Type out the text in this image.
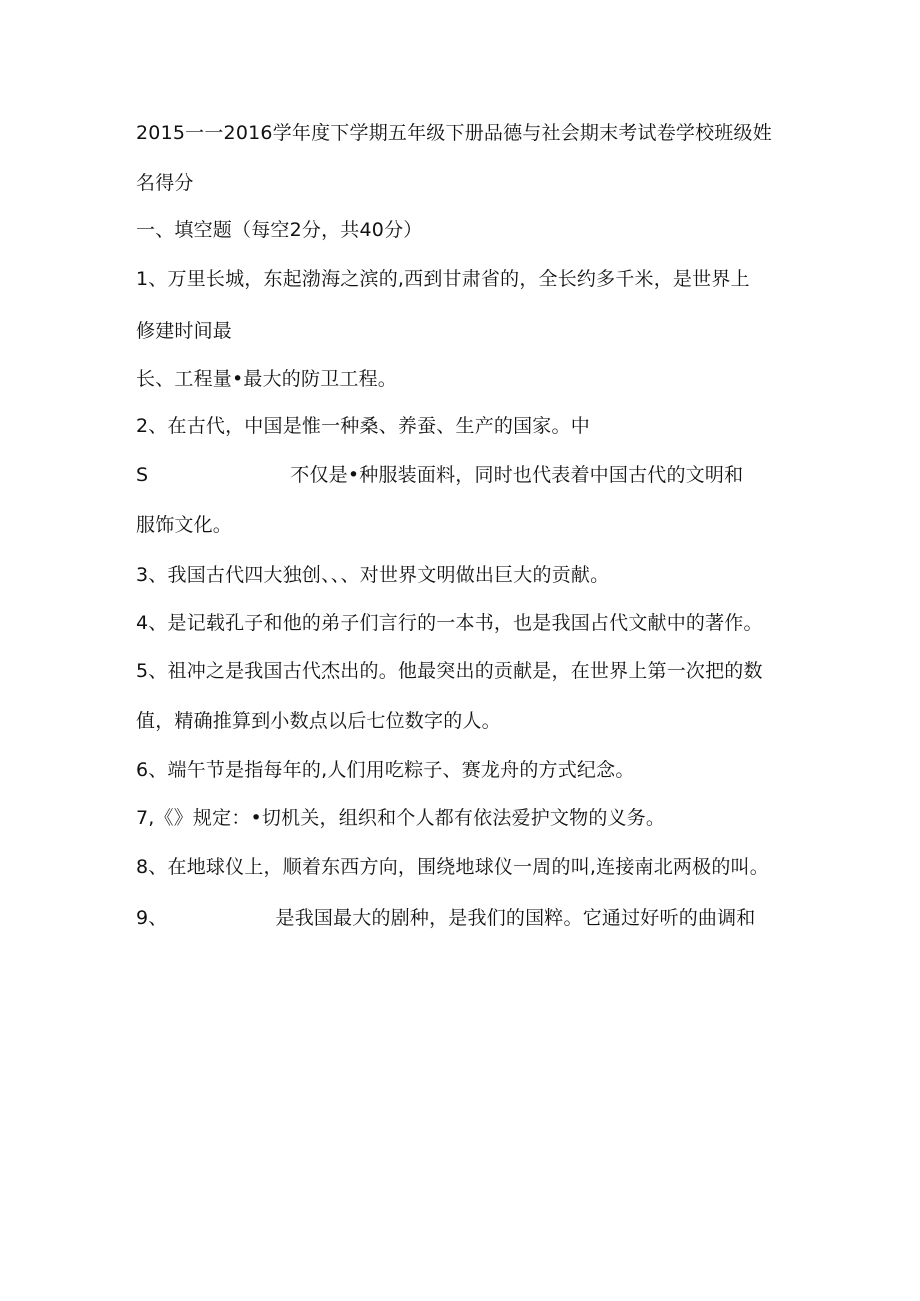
2015一一2016学年度下学期五年级下册品德与社会期末考试卷学校班级姓
名得分
一、填空题（每空2分，共40分）
1、万里长城，东起渤海之滨的,西到甘肃省的，全长约多千米，是世界上
修建时间最
长、工程量•最大的防卫工程。
2、在古代，中国是惟一种桑、养蚕、生产的国家。中
S	不仅是•种服装面料，同时也代表着中国古代的文明和
服饰文化。
3、我国古代四大独创、、、对世界文明做出巨大的贡献。
4、是记载孔子和他的弟子们言行的一本书，也是我国占代文献中的著作。
5、祖冲之是我国古代杰出的。他最突出的贡献是，在世界上第一次把的数
值，精确推算到小数点以后七位数字的人。
6、端午节是指每年的,人们用吃粽子、赛龙舟的方式纪念。
7,《》规定：•切机关，组织和个人都有依法爱护文物的义务。
8、在地球仪上，顺着东西方向，围绕地球仪一周的叫,连接南北两极的叫。
9、	是我国最大的剧种，是我们的国粹。它通过好听的曲调和
